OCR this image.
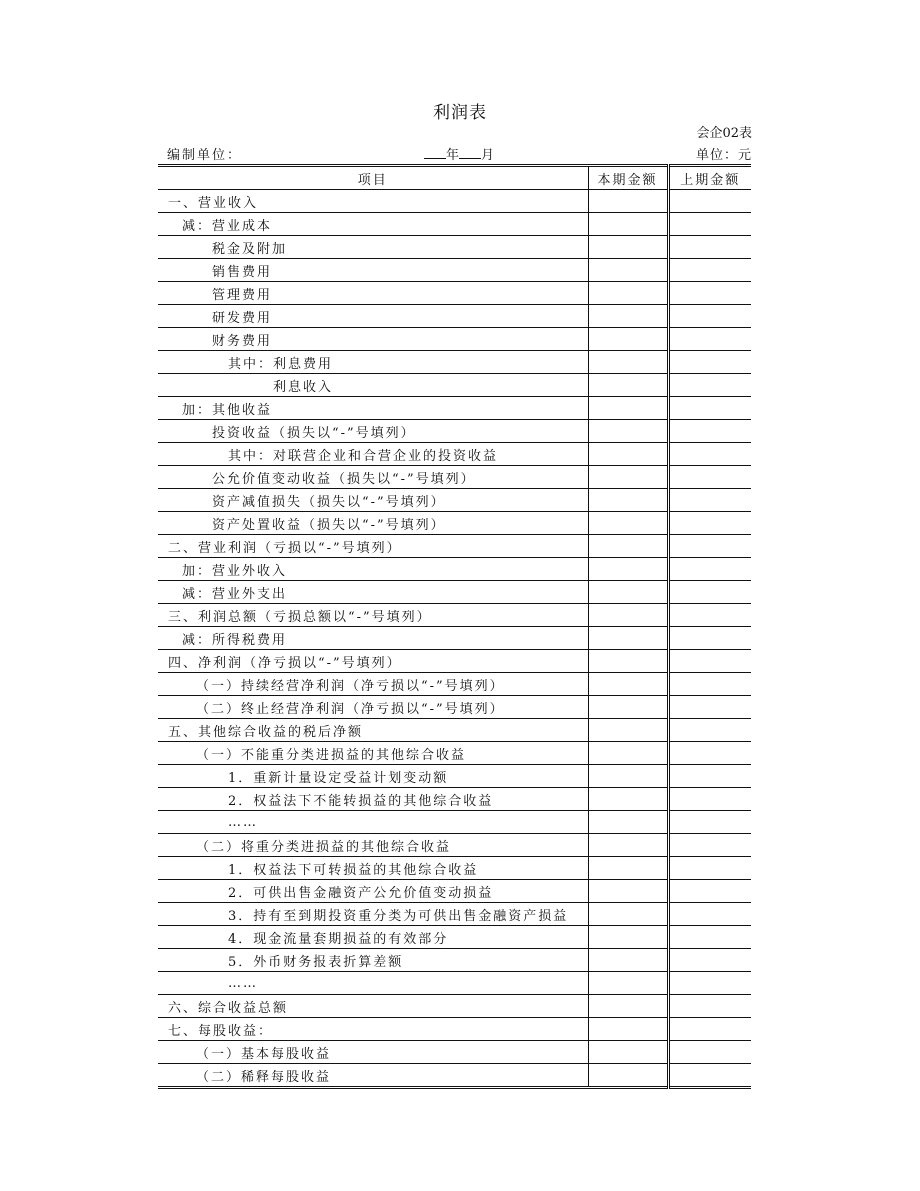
利润表
会企02表
编制单位：	年 月	单位：元
项目	本期金额	上期金额
一、营业收入		
减：营业成本		
税金及附加		
销售费用		
管理费用		
研发费用		
财务费用		
其中：利息费用		
利息收入		
加：其他收益		
投资收益（损失以“-”号填列）		
其中：对联营企业和合营企业的投资收益		
公允价值变动收益（损失以“-”号填列）		
资产减值损失（损失以“-”号填列）		
资产处置收益（损失以“-”号填列）		
二、营业利润（亏损以“-”号填列）		
加：营业外收入		
减：营业外支出		
三、利润总额（亏损总额以“-”号填列）		
减：所得税费用		
四、净利润（净亏损以“-”号填列）		
（一）持续经营净利润（净亏损以“-”号填列）		
（二）终止经营净利润（净亏损以“-”号填列）		
五、其他综合收益的税后净额		
（一）不能重分类进损益的其他综合收益		
1．重新计量设定受益计划变动额		
2．权益法下不能转损益的其他综合收益		
……		
（二）将重分类进损益的其他综合收益		
1．权益法下可转损益的其他综合收益		
2．可供出售金融资产公允价值变动损益		
3．持有至到期投资重分类为可供出售金融资产损益		
4．现金流量套期损益的有效部分		
5．外币财务报表折算差额		
……		
六、综合收益总额		
七、每股收益：		
（一）基本每股收益		
（二）稀释每股收益		
